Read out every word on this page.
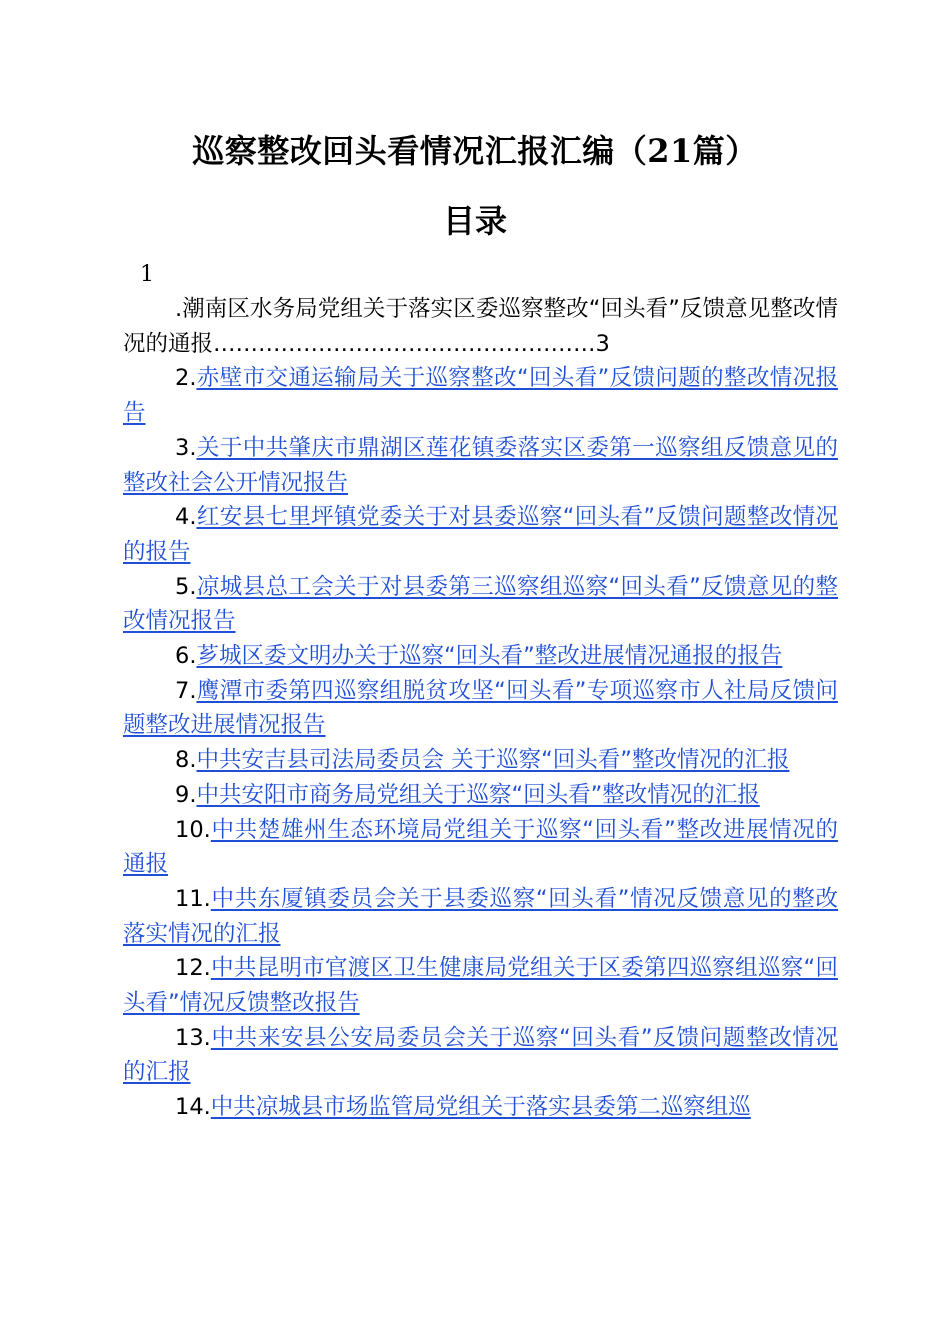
巡察整改回头看情况汇报汇编（21篇）
目录
1
.潮南区水务局党组关于落实区委巡察整改“回头看”反馈意见整改情况的通报……………………………………………3
2.赤壁市交通运输局关于巡察整改“回头看”反馈问题的整改情况报告
3.关于中共肇庆市鼎湖区莲花镇委落实区委第一巡察组反馈意见的整改社会公开情况报告
4.红安县七里坪镇党委关于对县委巡察“回头看”反馈问题整改情况的报告
5.凉城县总工会关于对县委第三巡察组巡察“回头看”反馈意见的整改情况报告
6.芗城区委文明办关于巡察“回头看”整改进展情况通报的报告
7.鹰潭市委第四巡察组脱贫攻坚“回头看”专项巡察市人社局反馈问题整改进展情况报告
8.中共安吉县司法局委员会 关于巡察“回头看”整改情况的汇报
9.中共安阳市商务局党组关于巡察“回头看”整改情况的汇报
10.中共楚雄州生态环境局党组关于巡察“回头看”整改进展情况的通报
11.中共东厦镇委员会关于县委巡察“回头看”情况反馈意见的整改落实情况的汇报
12.中共昆明市官渡区卫生健康局党组关于区委第四巡察组巡察“回头看”情况反馈整改报告
13.中共来安县公安局委员会关于巡察“回头看”反馈问题整改情况的汇报
14.中共凉城县市场监管局党组关于落实县委第二巡察组巡
